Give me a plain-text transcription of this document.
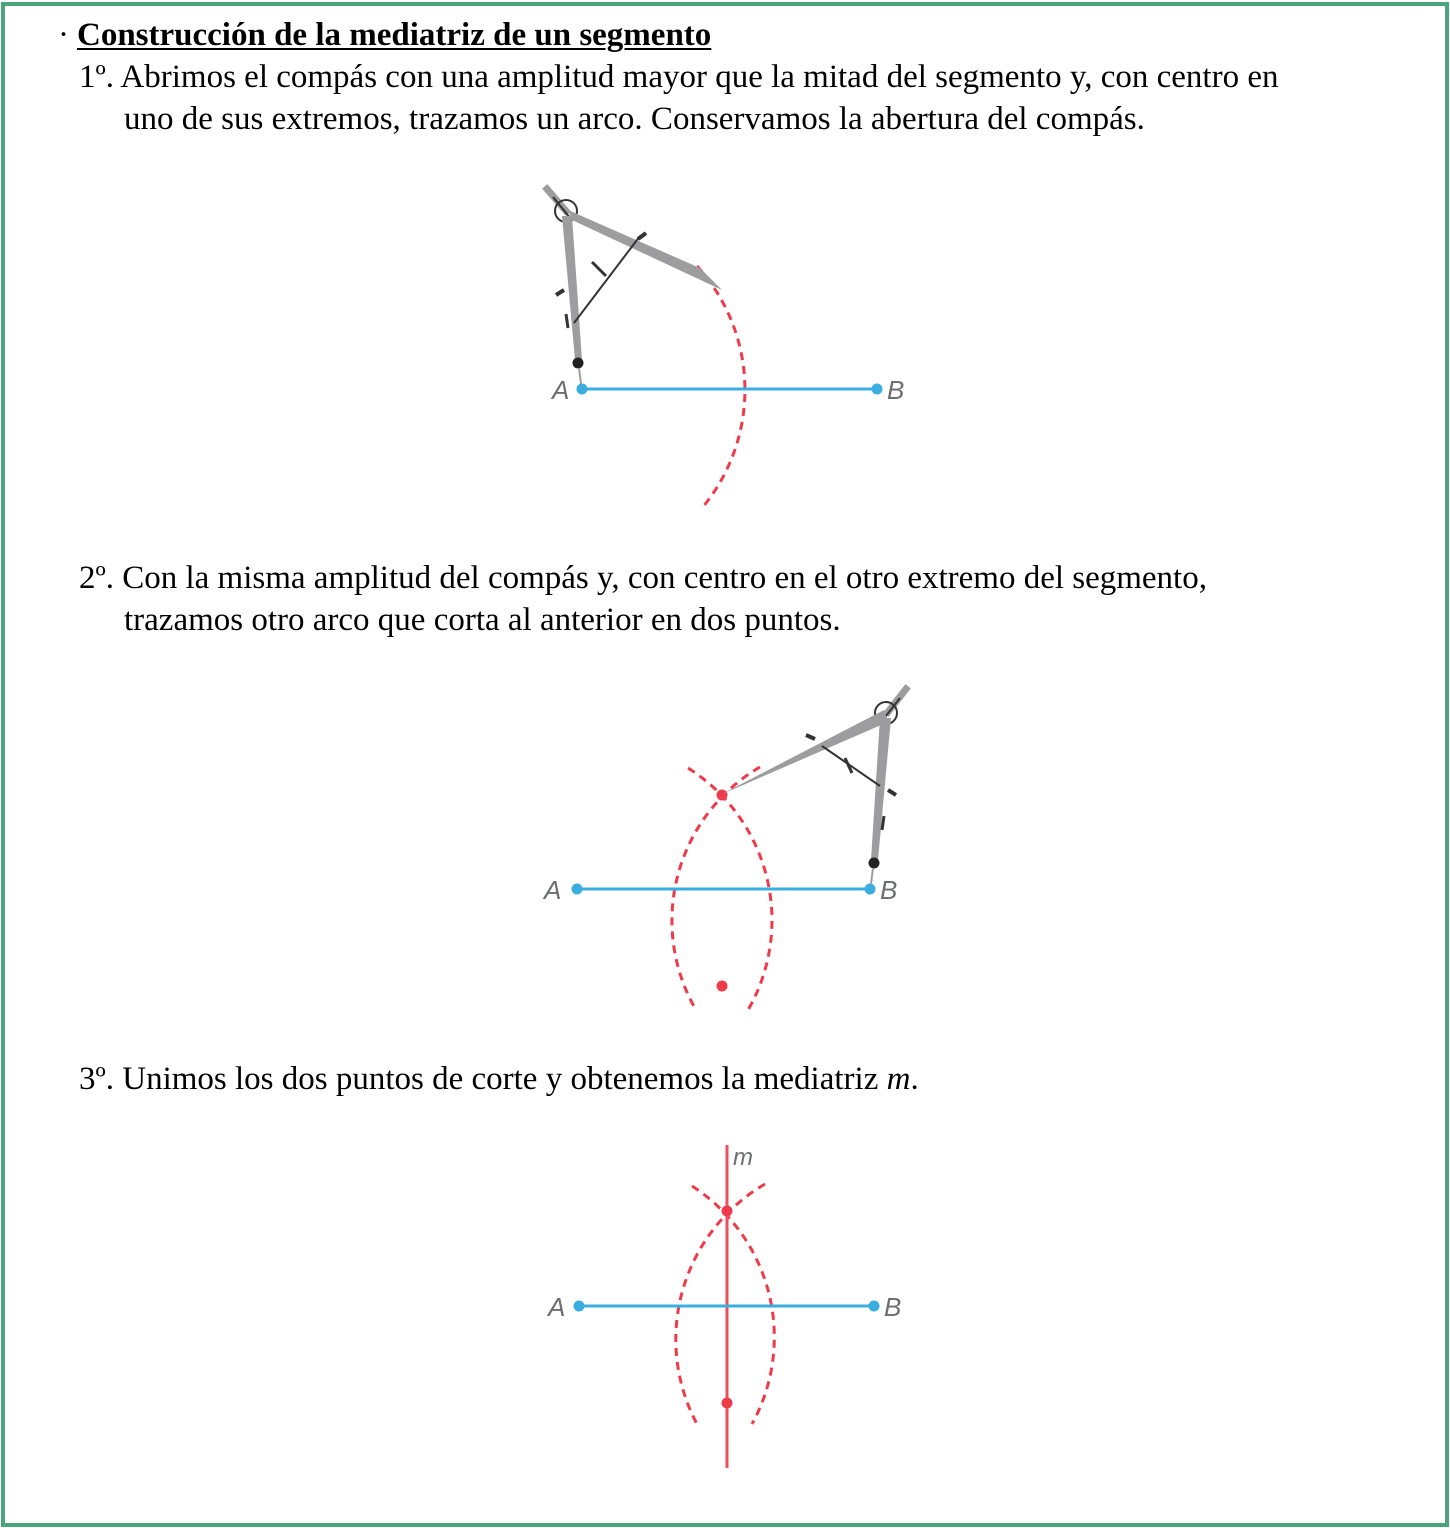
· Construcción de la mediatriz de un segmento
1º. Abrimos el compás con una amplitud mayor que la mitad del segmento y, con centro en
uno de sus extremos, trazamos un arco. Conservamos la abertura del compás.
2º. Con la misma amplitud del compás y, con centro en el otro extremo del segmento,
trazamos otro arco que corta al anterior en dos puntos.
3º. Unimos los dos puntos de corte y obtenemos la mediatriz m.
A	B
A	B
A	B
m
